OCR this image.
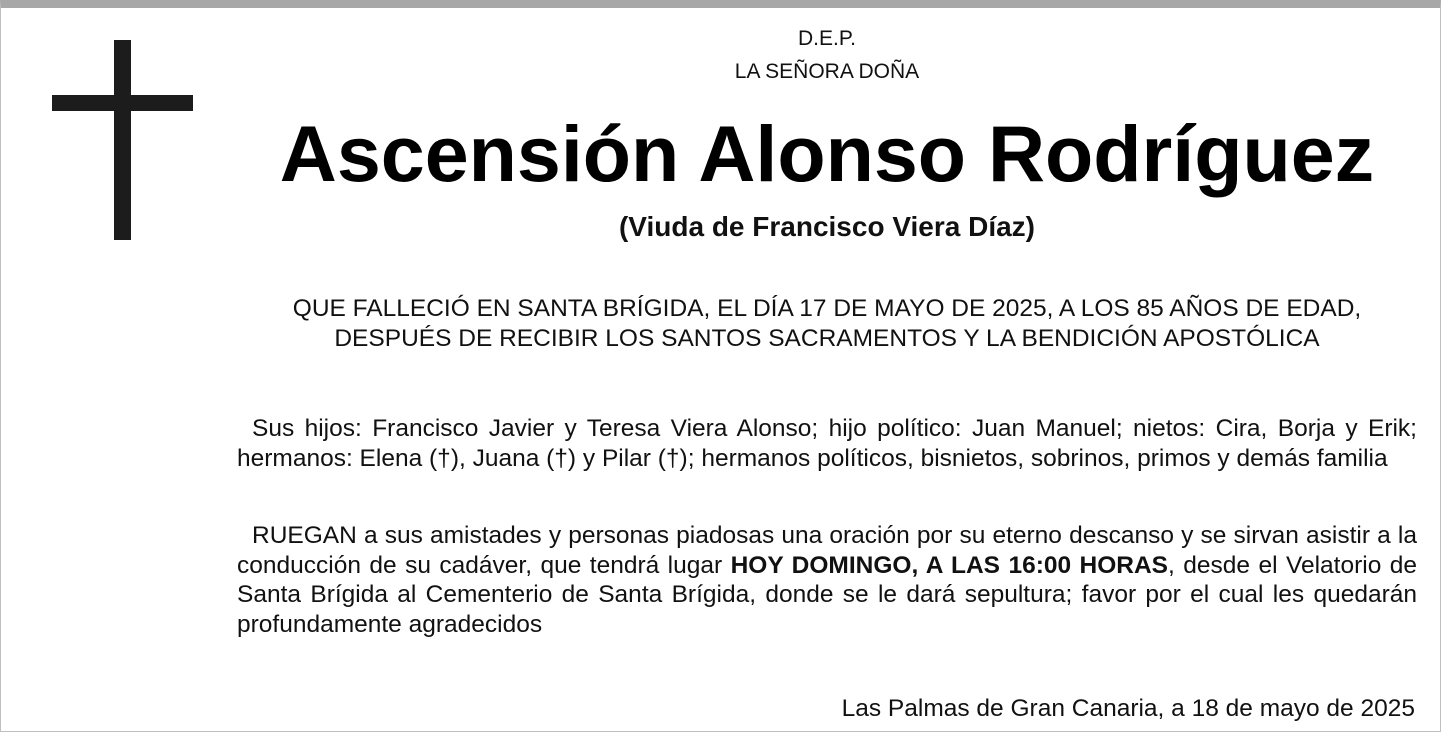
D.E.P.
LA SEÑORA DOÑA
Ascensión Alonso Rodríguez
(Viuda de Francisco Viera Díaz)
QUE FALLECIÓ EN SANTA BRÍGIDA, EL DÍA 17 DE MAYO DE 2025, A LOS 85 AÑOS DE EDAD, DESPUÉS DE RECIBIR LOS SANTOS SACRAMENTOS Y LA BENDICIÓN APOSTÓLICA
Sus hijos: Francisco Javier y Teresa Viera Alonso; hijo político: Juan Manuel; nietos: Cira, Borja y Erik; hermanos: Elena (†), Juana (†) y Pilar (†); hermanos políticos, bisnietos, sobrinos, primos y demás familia
RUEGAN a sus amistades y personas piadosas una oración por su eterno descanso y se sirvan asistir a la conducción de su cadáver, que tendrá lugar HOY DOMINGO, A LAS 16:00 HORAS, desde el Velatorio de Santa Brígida al Cementerio de Santa Brígida, donde se le dará sepultura; favor por el cual les quedarán profundamente agradecidos
Las Palmas de Gran Canaria, a 18 de mayo de 2025
